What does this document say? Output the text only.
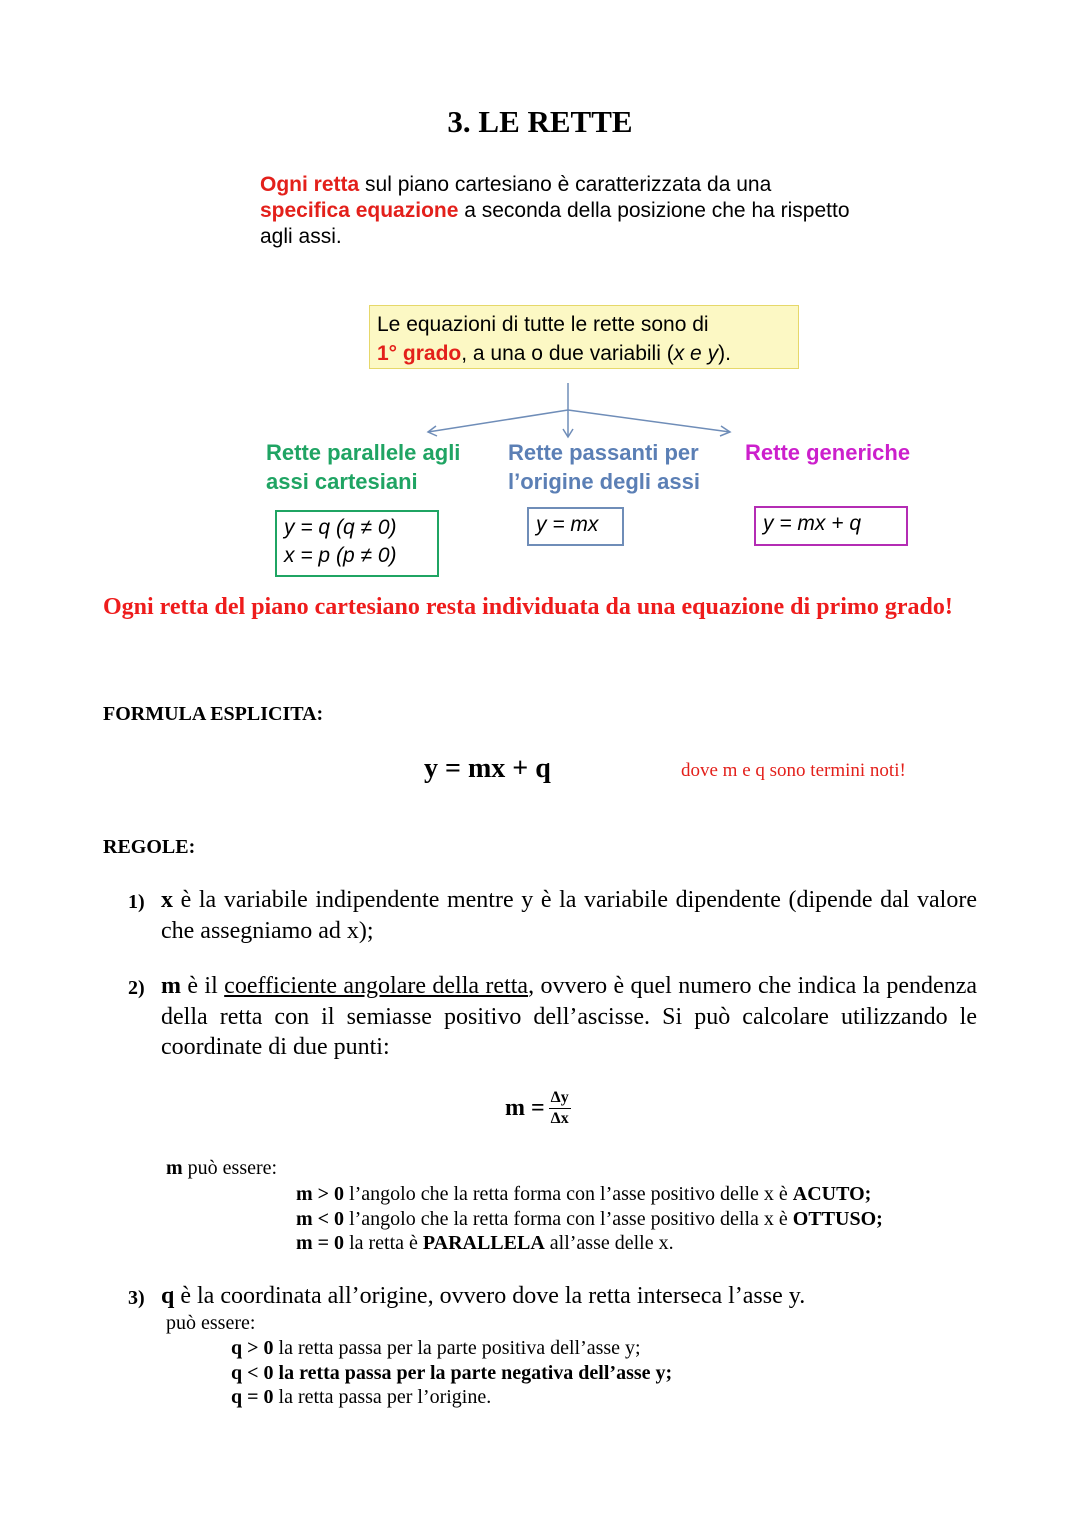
3. LE RETTE
Ogni retta sul piano cartesiano è caratterizzata da una specifica equazione a seconda della posizione che ha rispetto agli assi.
Le equazioni di tutte le rette sono di
1° grado, a una o due variabili (x e y).
Rette parallele agli
assi cartesiani
Rette passanti per
l’origine degli assi
Rette generiche
y = q (q ≠ 0)
x = p (p ≠ 0)
y = mx	y = mx + q
Ogni retta del piano cartesiano resta individuata da una equazione di primo grado!
FORMULA ESPLICITA:
y = mx + q	dove m e q sono termini noti!
REGOLE:
1) x è la variabile indipendente mentre y è la variabile dipendente (dipende dal valore che assegniamo ad x);
2) m è il coefficiente angolare della retta, ovvero è quel numero che indica la pendenza della retta con il semiasse positivo dell’ascisse. Si può calcolare utilizzando le coordinate di due punti:
$m = \frac{\Delta y}{\Delta x}$
m può essere:
m > 0 l’angolo che la retta forma con l’asse positivo delle x è ACUTO;
m < 0 l’angolo che la retta forma con l’asse positivo della x è OTTUSO;
m = 0 la retta è PARALLELA all’asse delle x.
3) q è la coordinata all’origine, ovvero dove la retta interseca l’asse y.
può essere:
q > 0 la retta passa per la parte positiva dell’asse y;
q < 0 la retta passa per la parte negativa dell’asse y;
q = 0 la retta passa per l’origine.
